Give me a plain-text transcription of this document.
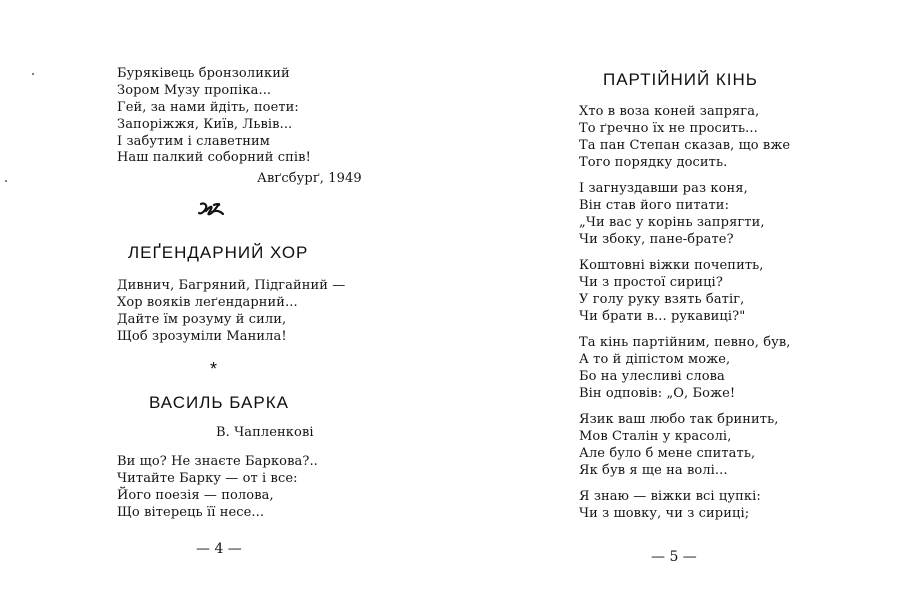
Буряківець бронзоликий
Зором Музу пропіка...
Гей, за нами йдіть, поети:
Запоріжжя, Київ, Львів...
І забутим і славетним
Наш палкий соборний спів!
Авґсбурґ, 1949
ЛЕҐЕНДАРНИЙ ХОР
Дивнич, Багряний, Підгайний —
Хор вояків леґендарний...
Дайте їм розуму й сили,
Щоб зрозуміли Манила!
*
ВАСИЛЬ БАРКА
В. Чапленкові
Ви що? Не знаєте Баркова?..
Читайте Барку — от і все:
Його поезія — полова,
Що вітерець її несе...
— 4 —
ПАРТІЙНИЙ КІНЬ
Хто в воза коней запряга,
То ґречно їх не просить...
Та пан Степан сказав, що вже
Того порядку досить.
І загнуздавши раз коня,
Він став його питати:
„Чи вас у корінь запрягти,
Чи збоку, пане-брате?
Коштовні віжки почепить,
Чи з простої сириці?
У голу руку взять батіг,
Чи брати в... рукавиці?"
Та кінь партійним, певно, був,
А то й діпістом може,
Бо на улесливі слова
Він одповів: „О, Боже!
Язик ваш любо так бринить,
Мов Сталін у красолі,
Але було б мене спитать,
Як був я ще на волі...
Я знаю — віжки всі цупкі:
Чи з шовку, чи з сириці;
— 5 —
